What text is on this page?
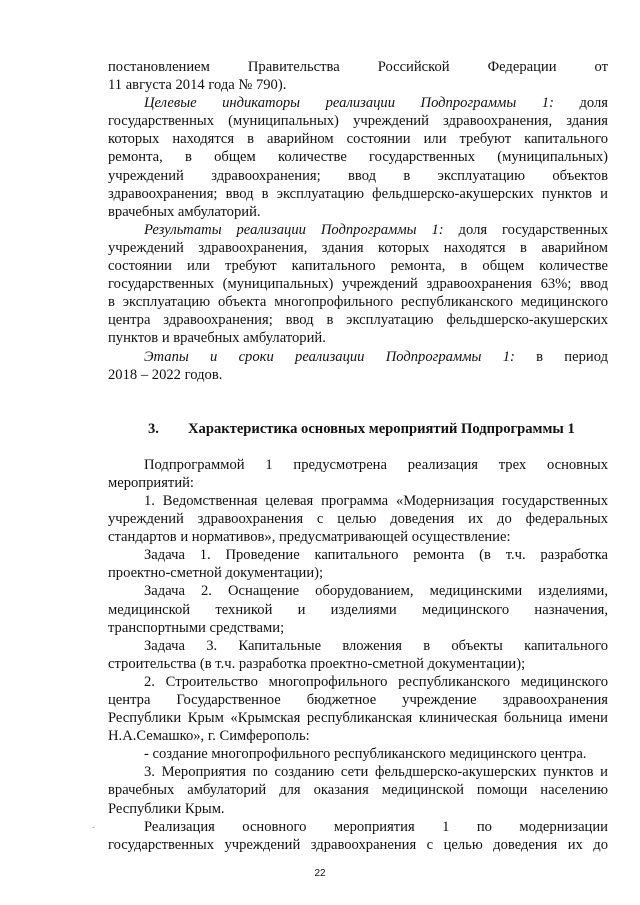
постановлением Правительства Российской Федерации от
11 августа 2014 года № 790).
Целевые индикаторы реализации Подпрограммы 1: доля
государственных (муниципальных) учреждений здравоохранения, здания
которых находятся в аварийном состоянии или требуют капитального
ремонта, в общем количестве государственных (муниципальных)
учреждений здравоохранения; ввод в эксплуатацию объектов
здравоохранения; ввод в эксплуатацию фельдшерско-акушерских пунктов и
врачебных амбулаторий.
Результаты реализации Подпрограммы 1: доля государственных
учреждений здравоохранения, здания которых находятся в аварийном
состоянии или требуют капитального ремонта, в общем количестве
государственных (муниципальных) учреждений здравоохранения 63%; ввод
в эксплуатацию объекта многопрофильного республиканского медицинского
центра здравоохранения; ввод в эксплуатацию фельдшерско-акушерских
пунктов и врачебных амбулаторий.
Этапы и сроки реализации Подпрограммы 1: в период
2018 – 2022 годов.
3.	Характеристика основных мероприятий Подпрограммы 1
Подпрограммой 1 предусмотрена реализация трех основных
мероприятий:
1. Ведомственная целевая программа «Модернизация государственных
учреждений здравоохранения с целью доведения их до федеральных
стандартов и нормативов», предусматривающей осуществление:
Задача 1. Проведение капитального ремонта (в т.ч. разработка
проектно-сметной документации);
Задача 2. Оснащение оборудованием, медицинскими изделиями,
медицинской техникой и изделиями медицинского назначения,
транспортными средствами;
Задача 3. Капитальные вложения в объекты капитального
строительства (в т.ч. разработка проектно-сметной документации);
2. Строительство многопрофильного республиканского медицинского
центра Государственное бюджетное учреждение здравоохранения
Республики Крым «Крымская республиканская клиническая больница имени
Н.А.Семашко», г. Симферополь:
- создание многопрофильного республиканского медицинского центра.
3. Мероприятия по созданию сети фельдшерско-акушерских пунктов и
врачебных амбулаторий для оказания медицинской помощи населению
Республики Крым.
Реализация основного мероприятия 1 по модернизации
государственных учреждений здравоохранения с целью доведения их до
-
22
